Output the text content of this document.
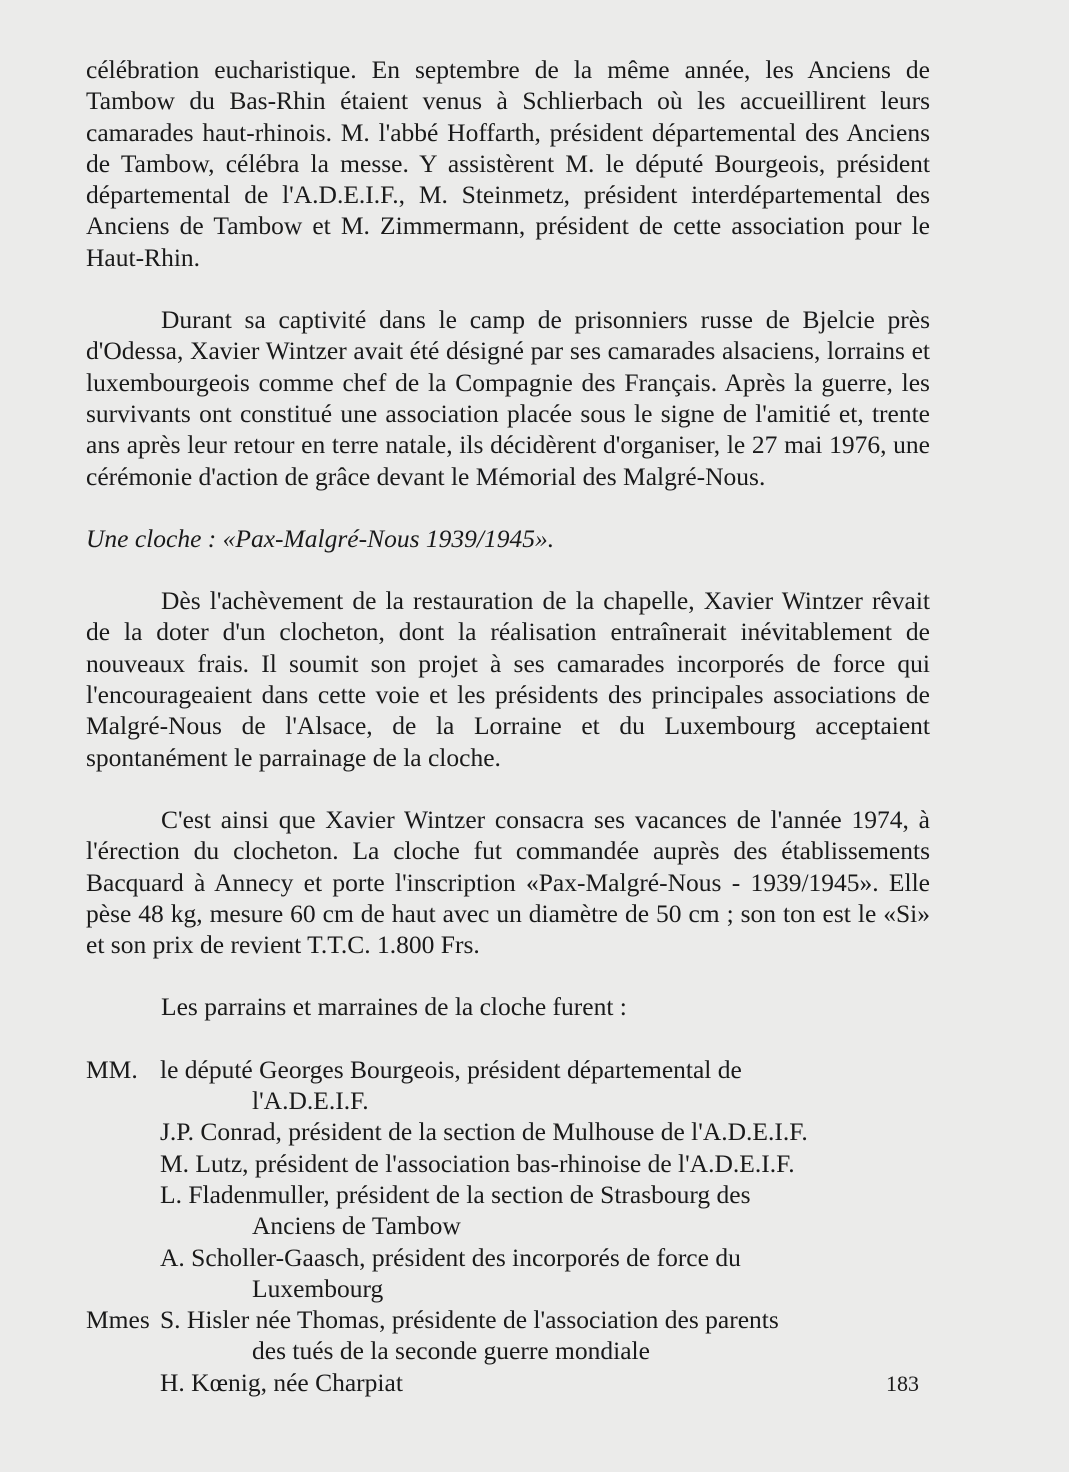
célébration eucharistique. En septembre de la même année, les Anciens de Tambow du Bas-Rhin étaient venus à Schlierbach où les accueillirent leurs camarades haut-rhinois. M. l'abbé Hoffarth, président départemental des Anciens de Tambow, célébra la messe. Y assistèrent M. le député Bourgeois, président départemental de l'A.D.E.I.F., M. Steinmetz, président interdépartemental des Anciens de Tambow et M. Zimmermann, président de cette association pour le Haut-Rhin.

Durant sa captivité dans le camp de prisonniers russe de Bjelcie près d'Odessa, Xavier Wintzer avait été désigné par ses camarades alsaciens, lorrains et luxembourgeois comme chef de la Compagnie des Français. Après la guerre, les survivants ont constitué une association placée sous le signe de l'amitié et, trente ans après leur retour en terre natale, ils décidèrent d'organiser, le 27 mai 1976, une cérémonie d'action de grâce devant le Mémorial des Malgré-Nous.

Une cloche : «Pax-Malgré-Nous 1939/1945».

Dès l'achèvement de la restauration de la chapelle, Xavier Wintzer rêvait de la doter d'un clocheton, dont la réalisation entraînerait inévitablement de nouveaux frais. Il soumit son projet à ses camarades incorporés de force qui l'encourageaient dans cette voie et les présidents des principales associations de Malgré-Nous de l'Alsace, de la Lorraine et du Luxembourg acceptaient spontanément le parrainage de la cloche.

C'est ainsi que Xavier Wintzer consacra ses vacances de l'année 1974, à l'érection du clocheton. La cloche fut commandée auprès des établissements Bacquard à Annecy et porte l'inscription «Pax-Malgré-Nous - 1939/1945». Elle pèse 48 kg, mesure 60 cm de haut avec un diamètre de 50 cm ; son ton est le «Si» et son prix de revient T.T.C. 1.800 Frs.

Les parrains et marraines de la cloche furent :

MM. le député Georges Bourgeois, président départemental de
l'A.D.E.I.F.
J.P. Conrad, président de la section de Mulhouse de l'A.D.E.I.F.
M. Lutz, président de l'association bas-rhinoise de l'A.D.E.I.F.
L. Fladenmuller, président de la section de Strasbourg des
Anciens de Tambow
A. Scholler-Gaasch, président des incorporés de force du
Luxembourg
Mmes S. Hisler née Thomas, présidente de l'association des parents
des tués de la seconde guerre mondiale
H. Kœnig, née Charpiat	183
